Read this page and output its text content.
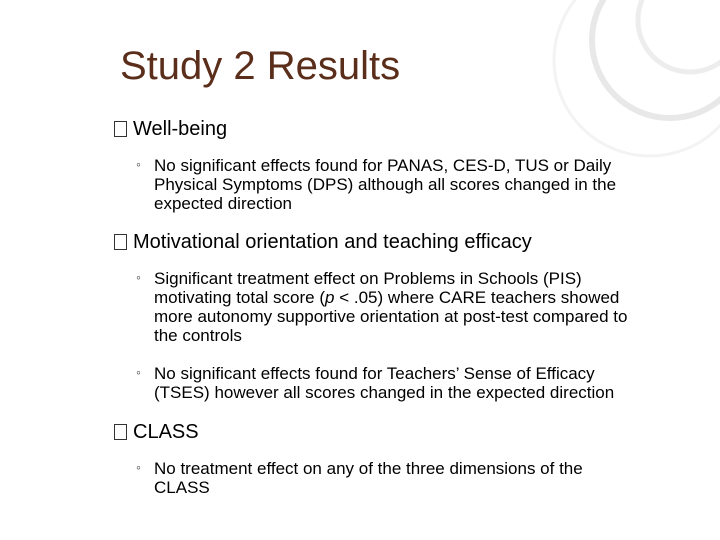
Study 2 Results
Well-being
◦ No significant effects found for PANAS, CES-D, TUS or Daily
Physical Symptoms (DPS) although all scores changed in the
expected direction
Motivational orientation and teaching efficacy
◦ Significant treatment effect on Problems in Schools (PIS)
motivating total score (p < .05) where CARE teachers showed
more autonomy supportive orientation at post-test compared to
the controls
◦ No significant effects found for Teachers’ Sense of Efficacy
(TSES) however all scores changed in the expected direction
CLASS
◦ No treatment effect on any of the three dimensions of the
CLASS
